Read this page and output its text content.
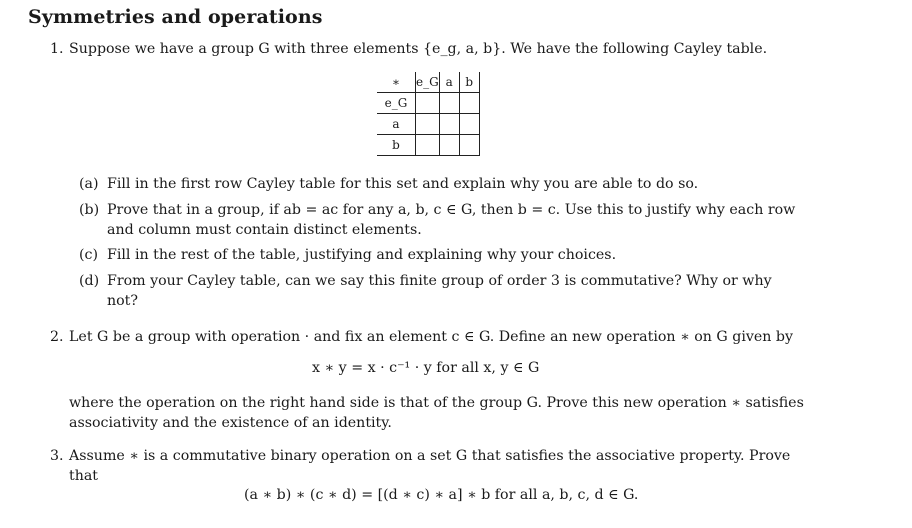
Symmetries and operations
1. Suppose we have a group G with three elements {e_g, a, b}. We have the following Cayley table.
∗	e_G	a	b
e_G			
a			
b			
(a) Fill in the first row Cayley table for this set and explain why you are able to do so.
(b) Prove that in a group, if ab = ac for any a, b, c ∈ G, then b = c. Use this to justify why each row
and column must contain distinct elements.
(c) Fill in the rest of the table, justifying and explaining why your choices.
(d) From your Cayley table, can we say this finite group of order 3 is commutative? Why or why
not?
2. Let G be a group with operation · and fix an element c ∈ G. Define an new operation ∗ on G given by
x ∗ y = x · c⁻¹ · y for all x, y ∈ G
where the operation on the right hand side is that of the group G. Prove this new operation ∗ satisfies
associativity and the existence of an identity.
3. Assume ∗ is a commutative binary operation on a set G that satisfies the associative property. Prove
that
(a ∗ b) ∗ (c ∗ d) = [(d ∗ c) ∗ a] ∗ b for all a, b, c, d ∈ G.
